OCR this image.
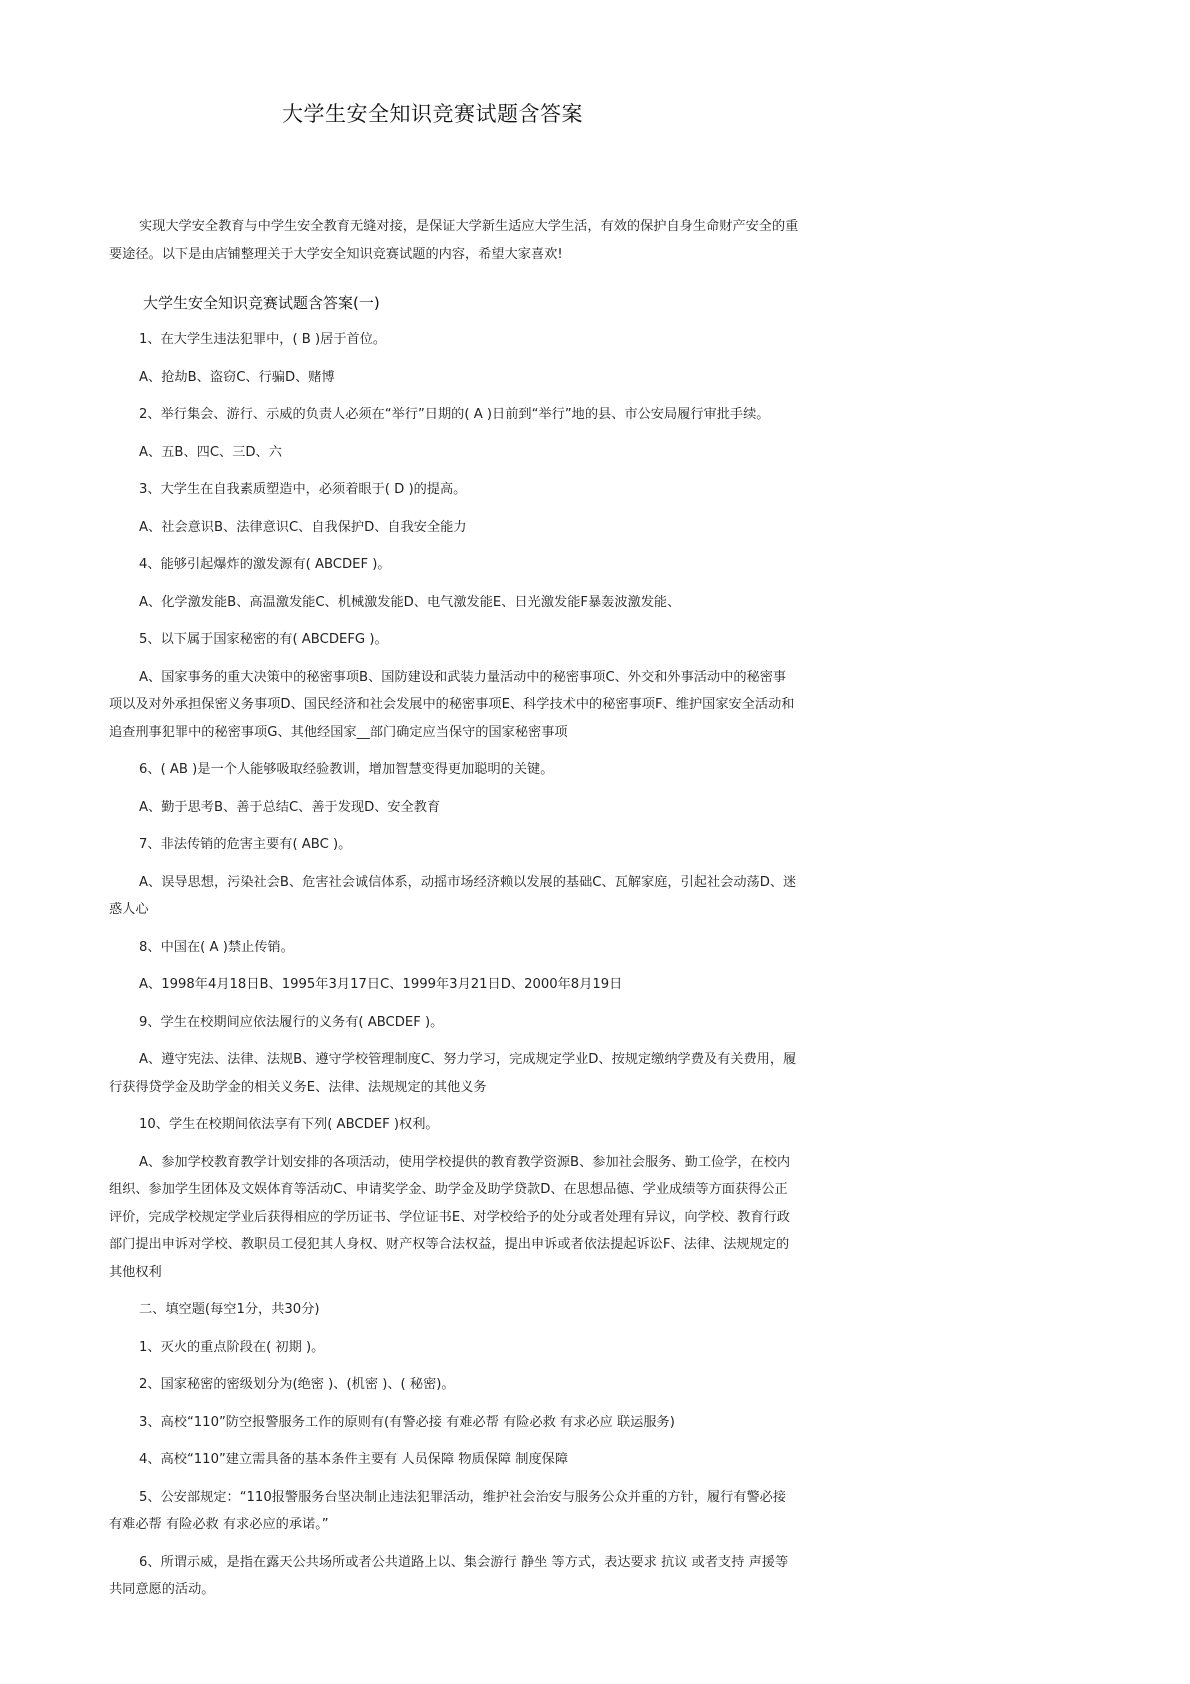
大学生安全知识竞赛试题含答案

实现大学安全教育与中学生安全教育无缝对接，是保证大学新生适应大学生活，有效的保护自身生命财产安全的重要途径。以下是由店铺整理关于大学安全知识竞赛试题的内容，希望大家喜欢!

大学生安全知识竞赛试题含答案(一)

1、在大学生违法犯罪中，( B )居于首位。

A、抢劫B、盗窃C、行骗D、赌博

2、举行集会、游行、示威的负责人必须在“举行”日期的( A )日前到“举行”地的县、市公安局履行审批手续。

A、五B、四C、三D、六

3、大学生在自我素质塑造中，必须着眼于( D )的提高。

A、社会意识B、法律意识C、自我保护D、自我安全能力

4、能够引起爆炸的激发源有( ABCDEF )。

A、化学激发能B、高温激发能C、机械激发能D、电气激发能E、日光激发能F暴轰波激发能、

5、以下属于国家秘密的有( ABCDEFG )。

A、国家事务的重大决策中的秘密事项B、国防建设和武装力量活动中的秘密事项C、外交和外事活动中的秘密事项以及对外承担保密义务事项D、国民经济和社会发展中的秘密事项E、科学技术中的秘密事项F、维护国家安全活动和追查刑事犯罪中的秘密事项G、其他经国家__部门确定应当保守的国家秘密事项

6、( AB )是一个人能够吸取经验教训，增加智慧变得更加聪明的关键。

A、勤于思考B、善于总结C、善于发现D、安全教育

7、非法传销的危害主要有( ABC )。

A、误导思想，污染社会B、危害社会诚信体系，动摇市场经济赖以发展的基础C、瓦解家庭，引起社会动荡D、迷惑人心

8、中国在( A )禁止传销。

A、1998年4月18日B、1995年3月17日C、1999年3月21日D、2000年8月19日

9、学生在校期间应依法履行的义务有( ABCDEF )。

A、遵守宪法、法律、法规B、遵守学校管理制度C、努力学习，完成规定学业D、按规定缴纳学费及有关费用，履行获得贷学金及助学金的相关义务E、法律、法规规定的其他义务

10、学生在校期间依法享有下列( ABCDEF )权利。

A、参加学校教育教学计划安排的各项活动，使用学校提供的教育教学资源B、参加社会服务、勤工俭学，在校内组织、参加学生团体及文娱体育等活动C、申请奖学金、助学金及助学贷款D、在思想品德、学业成绩等方面获得公正评价，完成学校规定学业后获得相应的学历证书、学位证书E、对学校给予的处分或者处理有异议，向学校、教育行政部门提出申诉对学校、教职员工侵犯其人身权、财产权等合法权益，提出申诉或者依法提起诉讼F、法律、法规规定的其他权利

二、填空题(每空1分，共30分)

1、灭火的重点阶段在( 初期 )。

2、国家秘密的密级划分为(绝密 )、(机密 )、( 秘密)。

3、高校“110”防空报警服务工作的原则有(有警必接 有难必帮 有险必救 有求必应 联运服务)

4、高校“110”建立需具备的基本条件主要有 人员保障 物质保障 制度保障

5、公安部规定：“110报警服务台坚决制止违法犯罪活动，维护社会治安与服务公众并重的方针，履行有警必接 有难必帮 有险必救 有求必应的承诺。”

6、所谓示威，是指在露天公共场所或者公共道路上以、集会游行 静坐 等方式，表达要求 抗议 或者支持 声援等共同意愿的活动。
